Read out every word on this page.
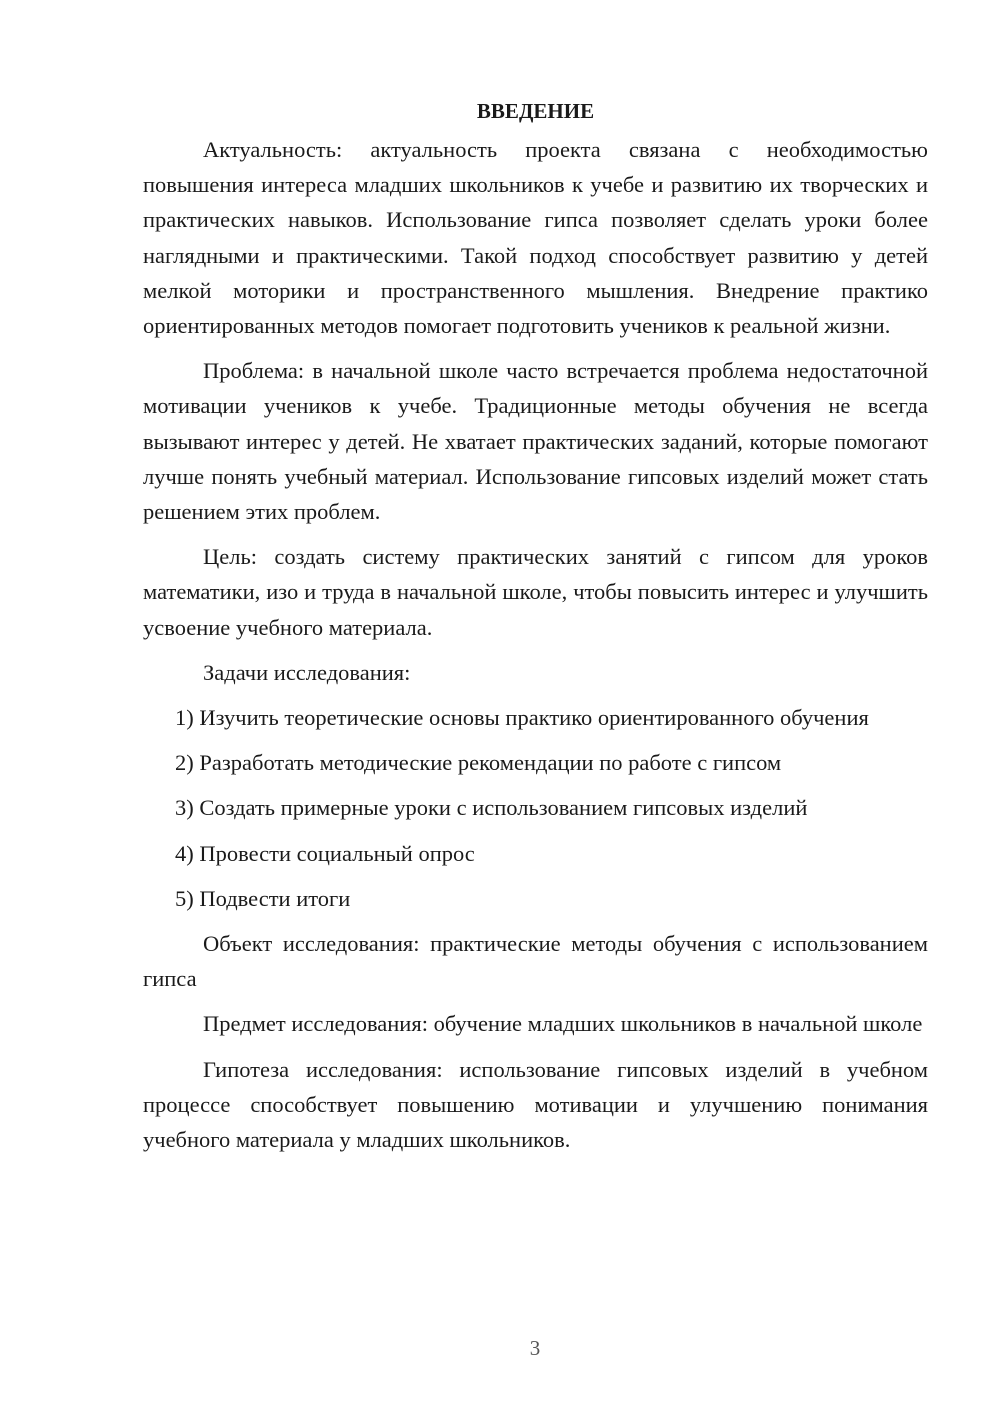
ВВЕДЕНИЕ

Актуальность: актуальность проекта связана с необходимостью повышения интереса младших школьников к учебе и развитию их творческих и практических навыков. Использование гипса позволяет сделать уроки более наглядными и практическими. Такой подход способствует развитию у детей мелкой моторики и пространственного мышления. Внедрение практико ориентированных методов помогает подготовить учеников к реальной жизни.

Проблема: в начальной школе часто встречается проблема недостаточной мотивации учеников к учебе. Традиционные методы обучения не всегда вызывают интерес у детей. Не хватает практических заданий, которые помогают лучше понять учебный материал. Использование гипсовых изделий может стать решением этих проблем.

Цель: создать систему практических занятий с гипсом для уроков математики, изо и труда в начальной школе, чтобы повысить интерес и улучшить усвоение учебного материала.

Задачи исследования:

1) Изучить теоретические основы практико ориентированного обучения

2) Разработать методические рекомендации по работе с гипсом

3) Создать примерные уроки с использованием гипсовых изделий

4) Провести социальный опрос

5) Подвести итоги

Объект исследования: практические методы обучения с использованием гипса

Предмет исследования: обучение младших школьников в начальной школе

Гипотеза исследования: использование гипсовых изделий в учебном процессе способствует повышению мотивации и улучшению понимания учебного материала у младших школьников.

3
